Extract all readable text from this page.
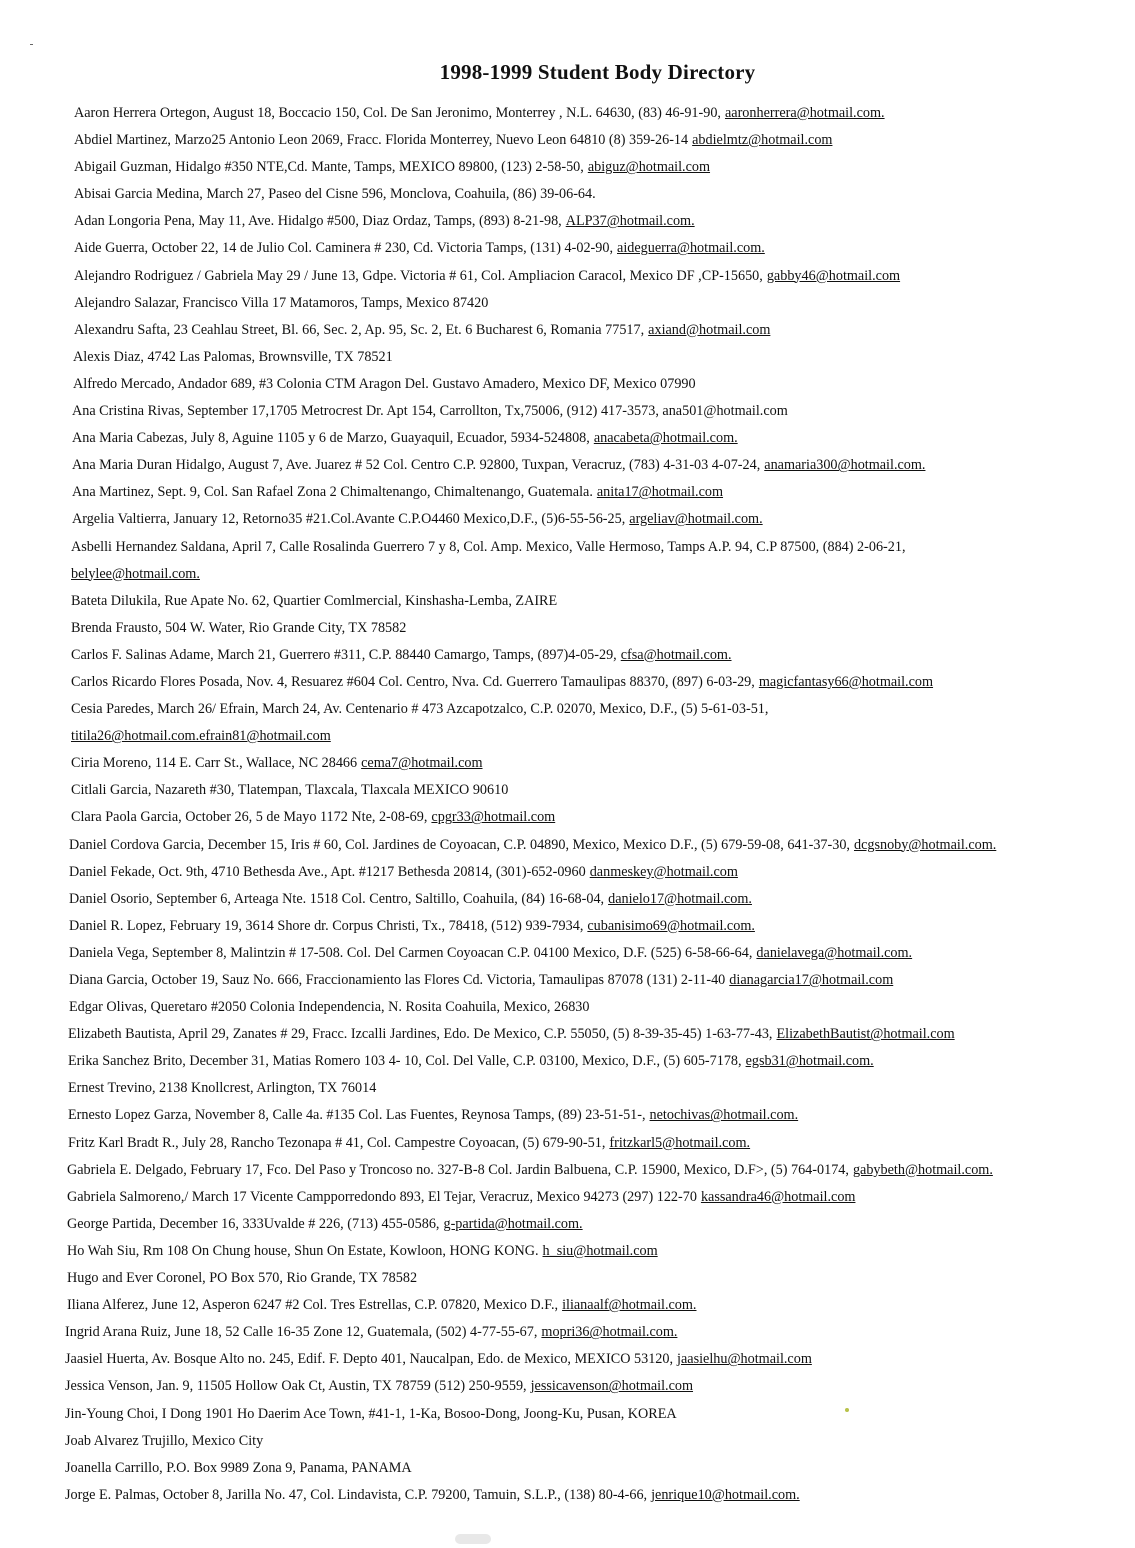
1998-1999 Student Body Directory
Aaron Herrera Ortegon, August 18, Boccacio 150, Col. De San Jeronimo, Monterrey , N.L. 64630, (83) 46-91-90, aaronherrera@hotmail.com.
Abdiel Martinez, Marzo25 Antonio Leon 2069, Fracc. Florida Monterrey, Nuevo Leon 64810 (8) 359-26-14 abdielmtz@hotmail.com
Abigail Guzman, Hidalgo #350 NTE,Cd. Mante, Tamps, MEXICO 89800, (123) 2-58-50, abiguz@hotmail.com
Abisai Garcia Medina, March 27, Paseo del Cisne 596, Monclova, Coahuila, (86) 39-06-64.
Adan Longoria Pena, May 11, Ave. Hidalgo #500, Diaz Ordaz, Tamps, (893) 8-21-98, ALP37@hotmail.com.
Aide Guerra, October 22, 14 de Julio Col. Caminera # 230, Cd. Victoria Tamps, (131) 4-02-90, aideguerra@hotmail.com.
Alejandro Rodriguez / Gabriela May 29 / June 13, Gdpe. Victoria # 61, Col. Ampliacion Caracol, Mexico DF ,CP-15650, gabby46@hotmail.com
Alejandro Salazar, Francisco Villa 17 Matamoros, Tamps, Mexico 87420
Alexandru Safta, 23 Ceahlau Street, Bl. 66, Sec. 2, Ap. 95, Sc. 2, Et. 6 Bucharest 6, Romania 77517, axiand@hotmail.com
Alexis Diaz, 4742 Las Palomas, Brownsville, TX 78521
Alfredo Mercado, Andador 689, #3 Colonia CTM Aragon Del. Gustavo Amadero, Mexico DF, Mexico 07990
Ana Cristina Rivas, September 17,1705 Metrocrest Dr. Apt 154, Carrollton, Tx,75006, (912) 417-3573, ana501@hotmail.com
Ana Maria Cabezas, July 8, Aguine 1105 y 6 de Marzo, Guayaquil, Ecuador, 5934-524808, anacabeta@hotmail.com.
Ana Maria Duran Hidalgo, August 7, Ave. Juarez # 52 Col. Centro C.P. 92800, Tuxpan, Veracruz, (783) 4-31-03 4-07-24, anamaria300@hotmail.com.
Ana Martinez, Sept. 9, Col. San Rafael Zona 2 Chimaltenango, Chimaltenango, Guatemala. anita17@hotmail.com
Argelia Valtierra, January 12, Retorno35 #21.Col.Avante C.P.O4460 Mexico,D.F., (5)6-55-56-25, argeliav@hotmail.com.
Asbelli Hernandez Saldana, April 7, Calle Rosalinda Guerrero 7 y 8, Col. Amp. Mexico, Valle Hermoso, Tamps A.P. 94, C.P 87500, (884) 2-06-21,
belylee@hotmail.com.
Bateta Dilukila, Rue Apate No. 62, Quartier Comlmercial, Kinshasha-Lemba, ZAIRE
Brenda Frausto, 504 W. Water, Rio Grande City, TX 78582
Carlos F. Salinas Adame, March 21, Guerrero #311, C.P. 88440 Camargo, Tamps, (897)4-05-29, cfsa@hotmail.com.
Carlos Ricardo Flores Posada, Nov. 4, Resuarez #604 Col. Centro, Nva. Cd. Guerrero Tamaulipas 88370, (897) 6-03-29, magicfantasy66@hotmail.com
Cesia Paredes, March 26/ Efrain, March 24, Av. Centenario # 473 Azcapotzalco, C.P. 02070, Mexico, D.F., (5) 5-61-03-51,
titila26@hotmail.com.efrain81@hotmail.com
Ciria Moreno, 114 E. Carr St., Wallace, NC 28466 cema7@hotmail.com
Citlali Garcia, Nazareth #30, Tlatempan, Tlaxcala, Tlaxcala MEXICO 90610
Clara Paola Garcia, October 26, 5 de Mayo 1172 Nte, 2-08-69, cpgr33@hotmail.com
Daniel Cordova Garcia, December 15, Iris # 60, Col. Jardines de Coyoacan, C.P. 04890, Mexico, Mexico D.F., (5) 679-59-08, 641-37-30, dcgsnoby@hotmail.com.
Daniel Fekade, Oct. 9th, 4710 Bethesda Ave., Apt. #1217 Bethesda 20814, (301)-652-0960 danmeskey@hotmail.com
Daniel Osorio, September 6, Arteaga Nte. 1518 Col. Centro, Saltillo, Coahuila, (84) 16-68-04, danielo17@hotmail.com.
Daniel R. Lopez, February 19, 3614 Shore dr. Corpus Christi, Tx., 78418, (512) 939-7934, cubanisimo69@hotmail.com.
Daniela Vega, September 8, Malintzin # 17-508. Col. Del Carmen Coyoacan C.P. 04100 Mexico, D.F. (525) 6-58-66-64, danielavega@hotmail.com.
Diana Garcia, October 19, Sauz No. 666, Fraccionamiento las Flores Cd. Victoria, Tamaulipas 87078 (131) 2-11-40 dianagarcia17@hotmail.com
Edgar Olivas, Queretaro #2050 Colonia Independencia, N. Rosita Coahuila, Mexico, 26830
Elizabeth Bautista, April 29, Zanates # 29, Fracc. Izcalli Jardines, Edo. De Mexico, C.P. 55050, (5) 8-39-35-45) 1-63-77-43, ElizabethBautist@hotmail.com
Erika Sanchez Brito, December 31, Matias Romero 103 4- 10, Col. Del Valle, C.P. 03100, Mexico, D.F., (5) 605-7178, egsb31@hotmail.com.
Ernest Trevino, 2138 Knollcrest, Arlington, TX 76014
Ernesto Lopez Garza, November 8, Calle 4a. #135 Col. Las Fuentes, Reynosa Tamps, (89) 23-51-51-, netochivas@hotmail.com.
Fritz Karl Bradt R., July 28, Rancho Tezonapa # 41, Col. Campestre Coyoacan, (5) 679-90-51, fritzkarl5@hotmail.com.
Gabriela E. Delgado, February 17, Fco. Del Paso y Troncoso no. 327-B-8 Col. Jardin Balbuena, C.P. 15900, Mexico, D.F>, (5) 764-0174, gabybeth@hotmail.com.
Gabriela Salmoreno,/ March 17 Vicente Campporredondo 893, El Tejar, Veracruz, Mexico 94273 (297) 122-70 kassandra46@hotmail.com
George Partida, December 16, 333Uvalde # 226, (713) 455-0586, g-partida@hotmail.com.
Ho Wah Siu, Rm 108 On Chung house, Shun On Estate, Kowloon, HONG KONG. h_siu@hotmail.com
Hugo and Ever Coronel, PO Box 570, Rio Grande, TX 78582
Iliana Alferez, June 12, Asperon 6247 #2 Col. Tres Estrellas, C.P. 07820, Mexico D.F., ilianaalf@hotmail.com.
Ingrid Arana Ruiz, June 18, 52 Calle 16-35 Zone 12, Guatemala, (502) 4-77-55-67, mopri36@hotmail.com.
Jaasiel Huerta, Av. Bosque Alto no. 245, Edif. F. Depto 401, Naucalpan, Edo. de Mexico, MEXICO 53120, jaasielhu@hotmail.com
Jessica Venson, Jan. 9, 11505 Hollow Oak Ct, Austin, TX 78759 (512) 250-9559, jessicavenson@hotmail.com
Jin-Young Choi, I Dong 1901 Ho Daerim Ace Town, #41-1, 1-Ka, Bosoo-Dong, Joong-Ku, Pusan, KOREA
Joab Alvarez Trujillo, Mexico City
Joanella Carrillo, P.O. Box 9989 Zona 9, Panama, PANAMA
Jorge E. Palmas, October 8, Jarilla No. 47, Col. Lindavista, C.P. 79200, Tamuin, S.L.P., (138) 80-4-66, jenrique10@hotmail.com.
